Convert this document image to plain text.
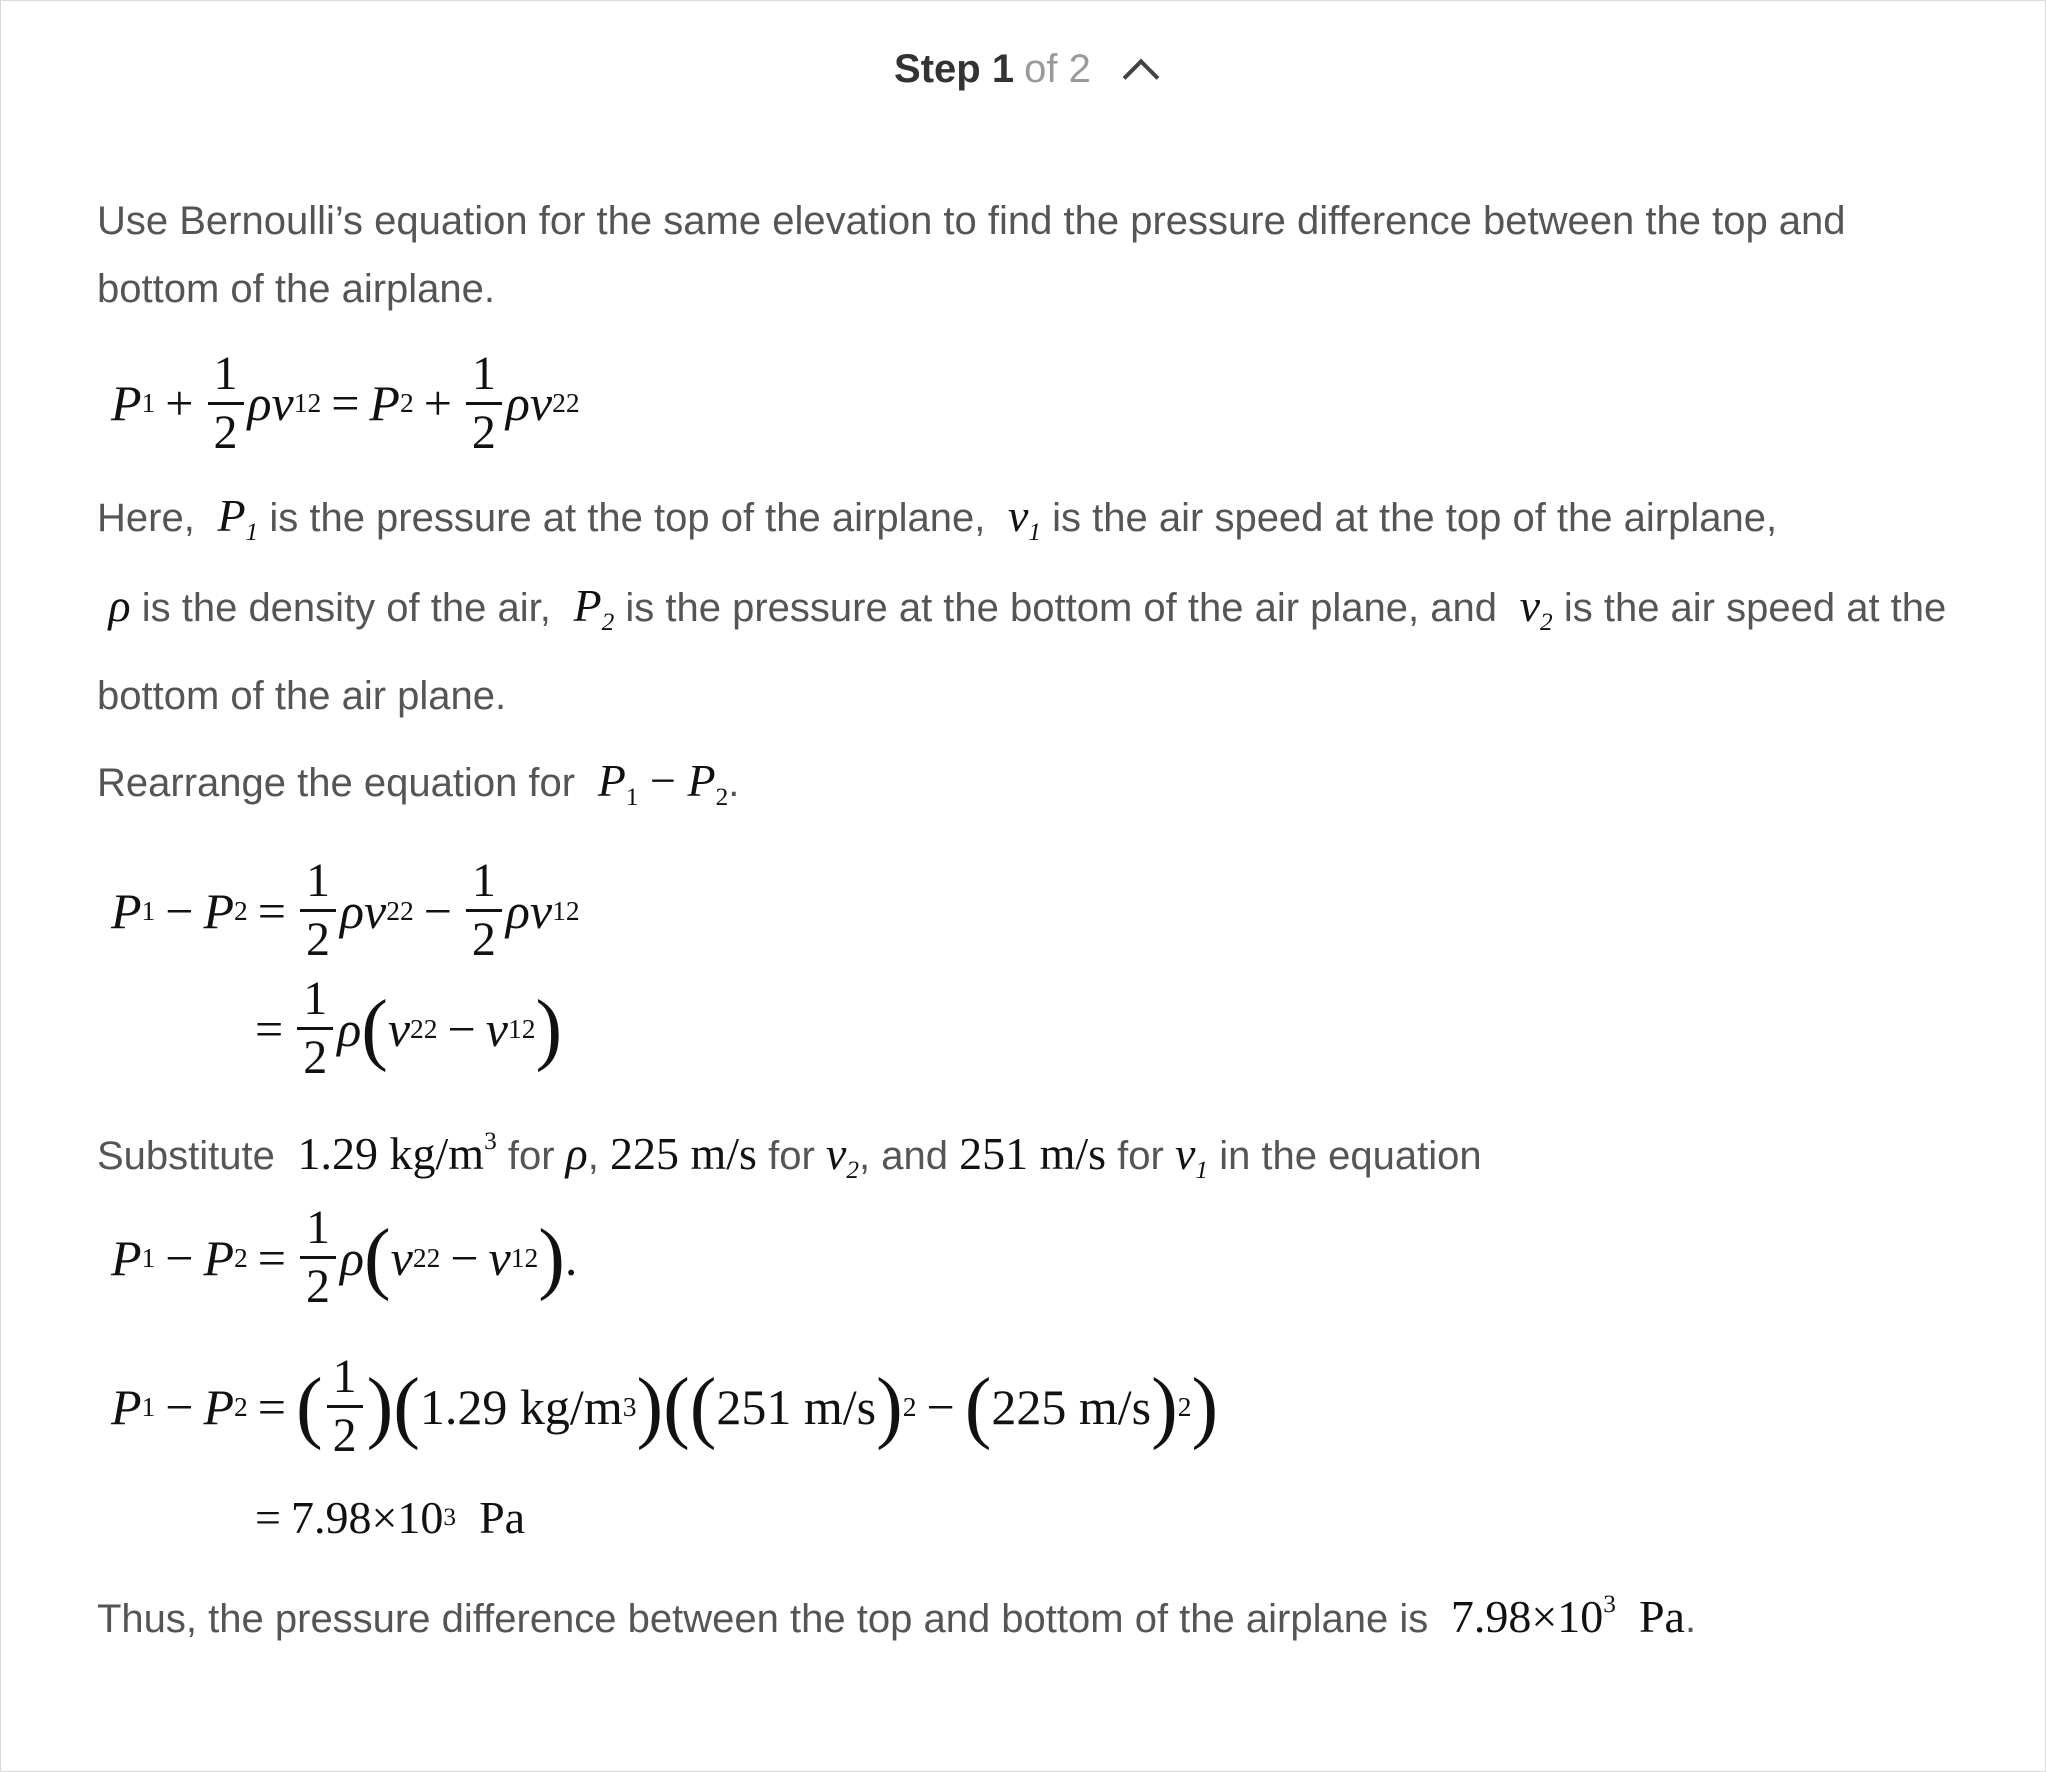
Step 1 of 2

Use Bernoulli’s equation for the same elevation to find the pressure difference between the top and bottom of the airplane.

P $1 + \frac{1}{2}$ ρv 1 2 = P $2 + \frac{1}{2}$ ρv 2 2

Here,  $P_1$ is the pressure at the top of the airplane,  $v_1$ is the air speed at the top of the airplane,
ρ is the density of the air,  $P_2$ is the pressure at the bottom of the air plane, and  $v_2$ is the air speed at the bottom of the air plane.

Rearrange the equation for  $P_1 - P_2$.

P 1 − P $2 = \frac{1}{2}$ ρv 2 $2 - \frac{1}{2}$ ρv 1 2
= $\frac{1}{2}$ ρ ( v 2 2 − v 1 2 )

Substitute 1.29 $kg/m^3$ for ρ, 225 m/s for $v_2$, and 251 m/s for $v_1$ in the equation

P 1 − P $2 = \frac{1}{2}$ ρ ( v 2 2 − v 1 2 ) .
P 1 − P 2 = ( $\frac{1}{2}$ ) ( 1.29 kg/m 3 ) (( 251 m/s ) 2 − ( 225 m/s ) 2 )
= 7.98 ×10 3
Pa

Thus, the pressure difference between the top and bottom of the airplane is $7.98\times 10^3$ Pa.
